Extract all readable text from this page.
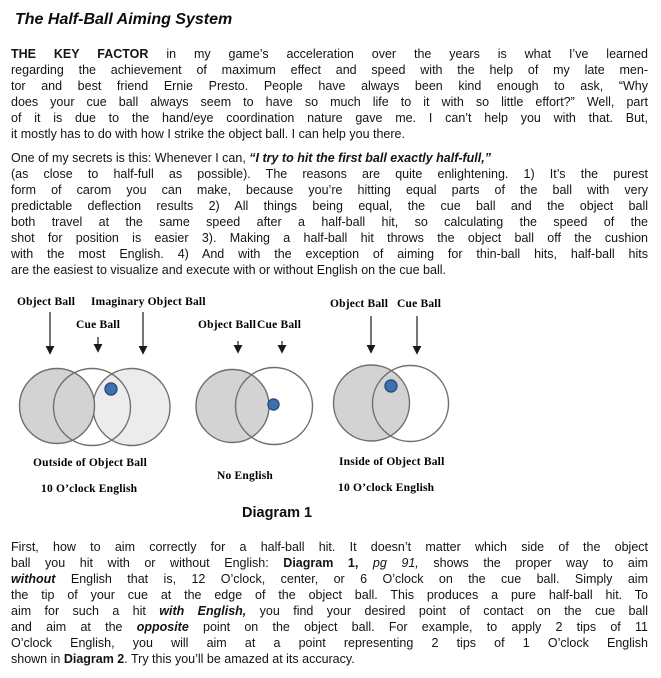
The Half-Ball Aiming System
THE KEY FACTOR in my game’s acceleration over the years is what I’ve learned
regarding the achievement of maximum effect and speed with the help of my late men-
tor and best friend Ernie Presto. People have always been kind enough to ask, “Why
does your cue ball always seem to have so much life to it with so little effort?” Well, part
of it is due to the hand/eye coordination nature gave me. I can’t help you with that. But,
it mostly has to do with how I strike the object ball. I can help you there.
One of my secrets is this: Whenever I can, “I try to hit the first ball exactly half-full,”
(as close to half-full as possible). The reasons are quite enlightening. 1) It’s the purest
form of carom you can make, because you’re hitting equal parts of the ball with very
predictable deflection results 2) All things being equal, the cue ball and the object ball
both travel at the same speed after a half-ball hit, so calculating the speed of the
shot for position is easier 3). Making a half-ball hit throws the object ball off the cushion
with the most English. 4) And with the exception of aiming for thin-ball hits, half-ball hits
are the easiest to visualize and execute with or without English on the cue ball.
Object Ball Imaginary Object Ball
Cue Ball	Object Ball Cue Ball
Object Ball Cue Ball
Outside of Object Ball
10 O’clock English
No English
Inside of Object Ball
10 O’clock English
Diagram 1
First, how to aim correctly for a half-ball hit. It doesn’t matter which side of the object
ball you hit with or without English: Diagram 1, pg 91, shows the proper way to aim
without English that is, 12 O’clock, center, or 6 O’clock on the cue ball. Simply aim
the tip of your cue at the edge of the object ball. This produces a pure half-ball hit. To
aim for such a hit with English, you find your desired point of contact on the cue ball
and aim at the opposite point on the object ball. For example, to apply 2 tips of 11
O’clock English, you will aim at a point representing 2 tips of 1 O’clock English
shown in Diagram 2. Try this you’ll be amazed at its accuracy.
